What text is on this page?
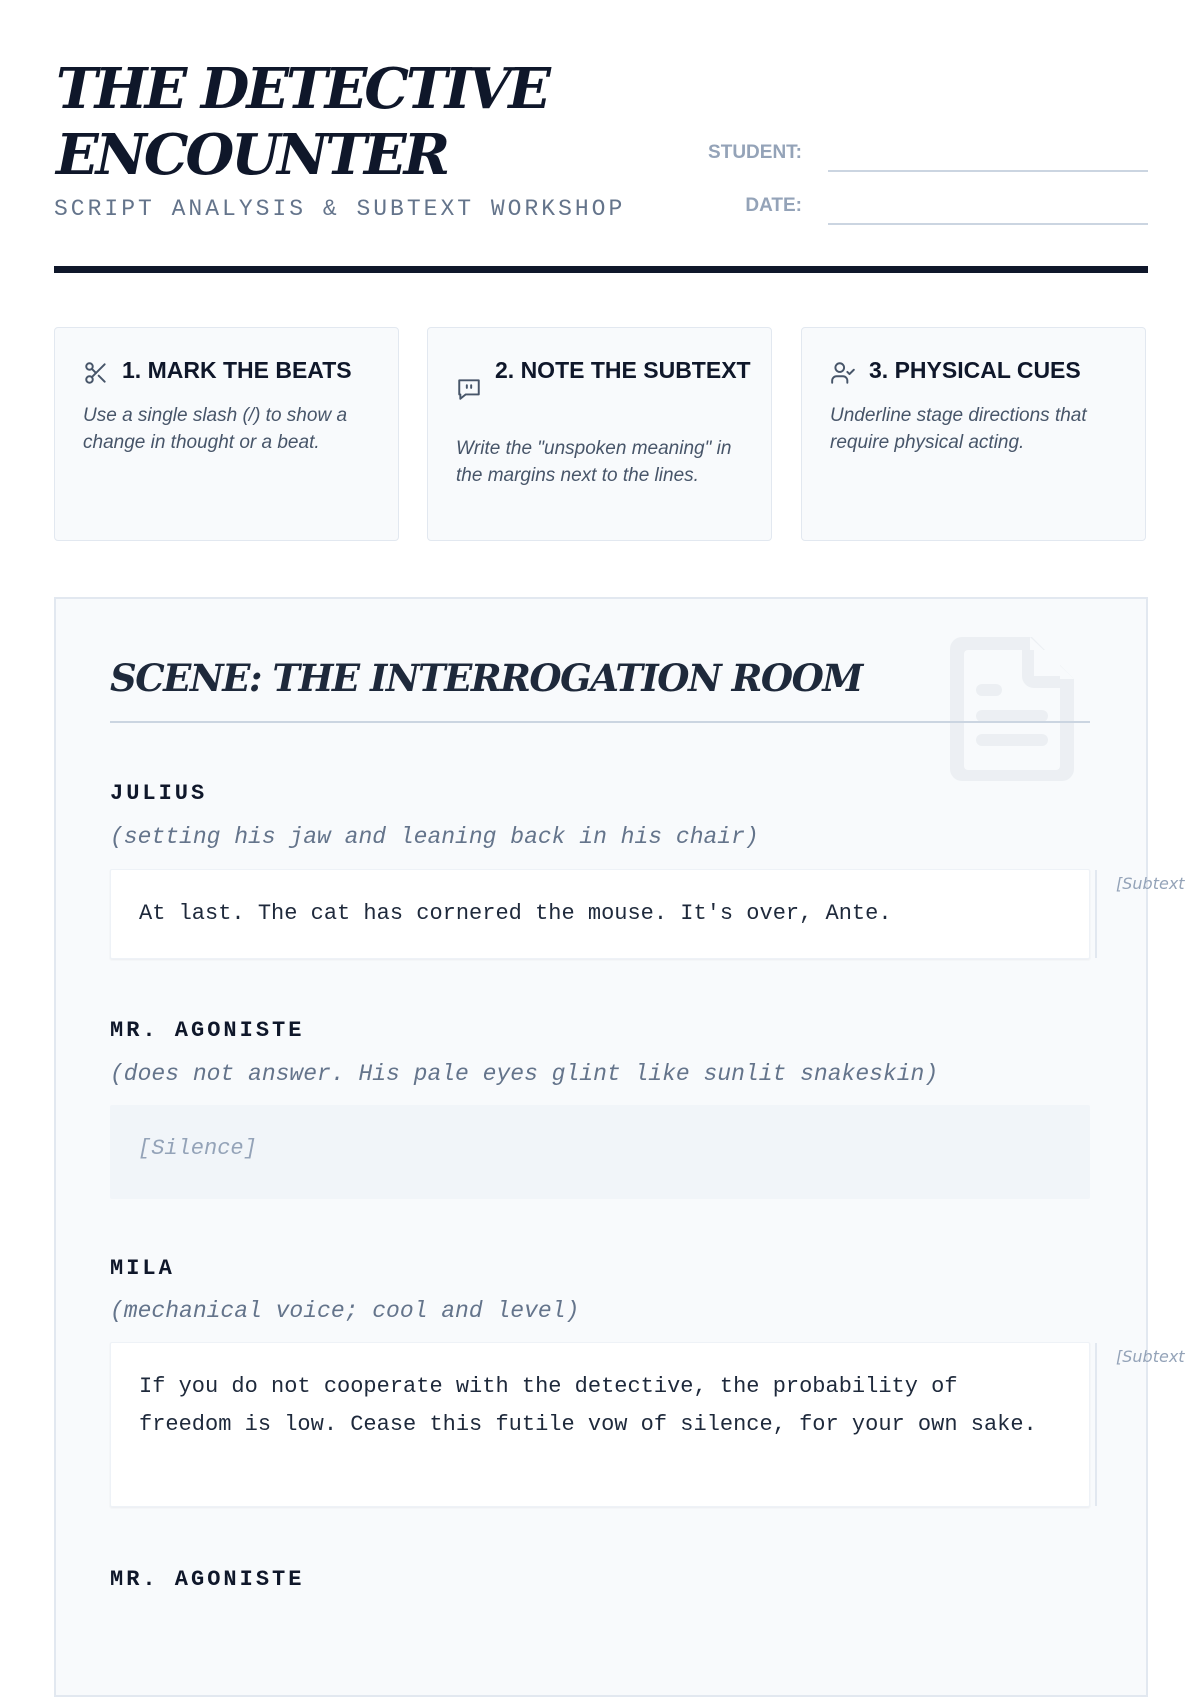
THE DETECTIVE ENCOUNTER
SCRIPT ANALYSIS & SUBTEXT WORKSHOP
STUDENT:
DATE:
1. MARK THE BEATS
Use a single slash (/) to show a change in thought or a beat.
2. NOTE THE SUBTEXT
Write the "unspoken meaning" in the margins next to the lines.
3. PHYSICAL CUES
Underline stage directions that require physical acting.
SCENE: THE INTERROGATION ROOM
JULIUS
(setting his jaw and leaning back in his chair)
At last. The cat has cornered the mouse. It's over, Ante.
[Subtext
MR. AGONISTE
(does not answer. His pale eyes glint like sunlit snakeskin)
[Silence]
MILA
(mechanical voice; cool and level)
If you do not cooperate with the detective, the probability of freedom is low. Cease this futile vow of silence, for your own sake.
[Subtext
MR. AGONISTE
